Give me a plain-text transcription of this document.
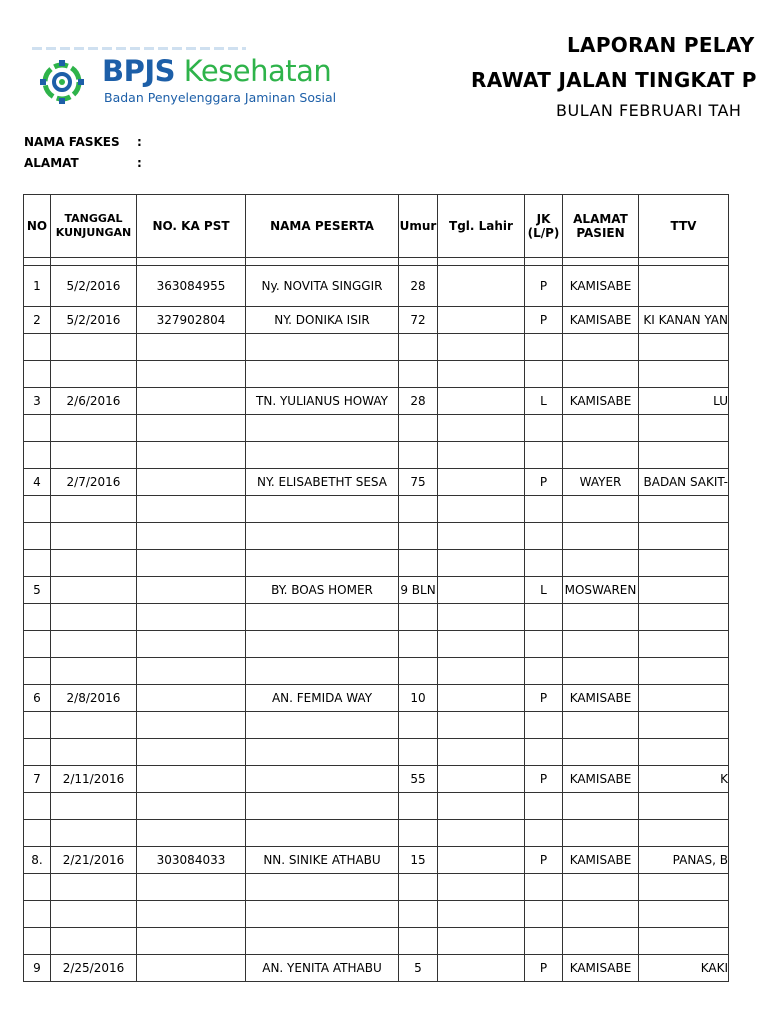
BPJS Kesehatan
Badan Penyelenggara Jaminan Sosial
LAPORAN PELAY
RAWAT JALAN TINGKAT P
BULAN FEBRUARI TAH
NAMA FASKES :
ALAMAT	:
NO	TANGGAL
KUNJUNGAN	NO. KA PST	NAMA PESERTA	Umur	Tgl. Lahir	JK
(L/P)	ALAMAT
PASIEN	TTV

1	5/2/2016	363084955	Ny. NOVITA SINGGIR	28		P	KAMISABE	
2	5/2/2016	327902804	NY. DONIKA ISIR	72		P	KAMISABE	KI KANAN YAN

3	2/6/2016		TN. YULIANUS HOWAY	28		L	KAMISABE	LU

4	2/7/2016		NY. ELISABETHT SESA	75		P	WAYER	BADAN SAKIT-

5			BY. BOAS HOMER	9 BLN		L	MOSWAREN	

6	2/8/2016		AN. FEMIDA WAY	10		P	KAMISABE	

7	2/11/2016			55		P	KAMISABE	K

8.	2/21/2016	303084033	NN. SINIKE ATHABU	15		P	KAMISABE	PANAS, B

9	2/25/2016		AN. YENITA ATHABU	5		P	KAMISABE	KAKI
